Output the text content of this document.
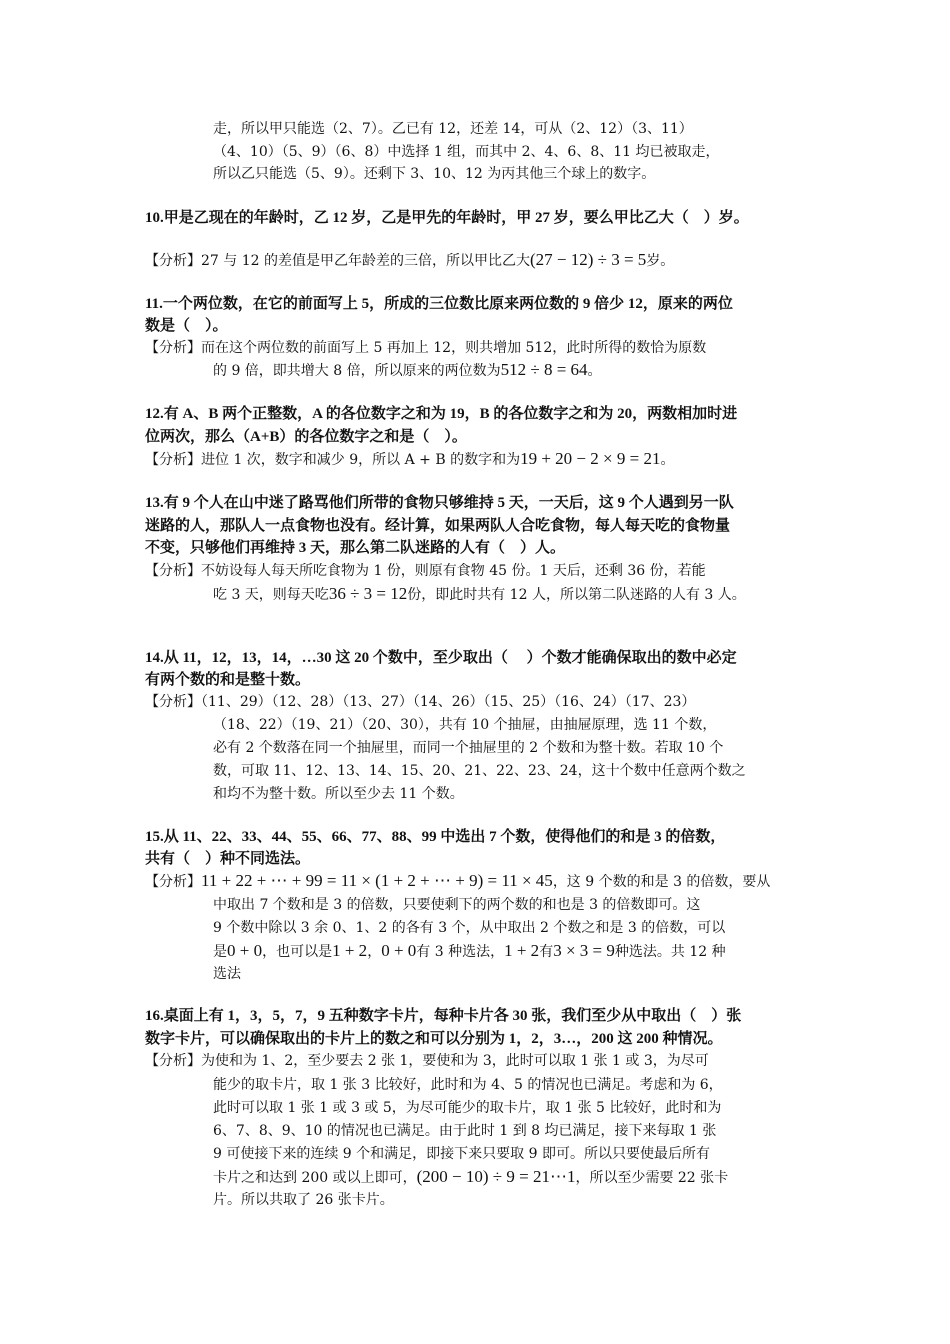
走，所以甲只能选（2、7）。乙已有 12，还差 14，可从（2、12）（3、11）
（4、10）（5、9）（6、8）中选择 1 组，而其中 2、4、6、8、11 均已被取走，
所以乙只能选（5、9）。还剩下 3、10、12 为丙其他三个球上的数字。
10.甲是乙现在的年龄时，乙 12 岁，乙是甲先的年龄时，甲 27 岁，要么甲比乙大（　）岁。
【分析】27 与 12 的差值是甲乙年龄差的三倍，所以甲比乙大(27 − 12) ÷ 3 = 5岁。
11.一个两位数，在它的前面写上 5，所成的三位数比原来两位数的 9 倍少 12，原来的两位
数是（　）。
【分析】而在这个两位数的前面写上 5 再加上 12，则共增加 512，此时所得的数恰为原数
的 9 倍，即共增大 8 倍，所以原来的两位数为512 ÷ 8 = 64。
12.有 A、B 两个正整数，A 的各位数字之和为 19，B 的各位数字之和为 20，两数相加时进
位两次，那么（A+B）的各位数字之和是（　）。
【分析】进位 1 次，数字和减少 9，所以 A + B 的数字和为19 + 20 − 2 × 9 = 21。
13.有 9 个人在山中迷了路骂他们所带的食物只够维持 5 天，一天后，这 9 个人遇到另一队
迷路的人，那队人一点食物也没有。经计算，如果两队人合吃食物，每人每天吃的食物量
不变，只够他们再维持 3 天，那么第二队迷路的人有（　）人。
【分析】不妨设每人每天所吃食物为 1 份，则原有食物 45 份。1 天后，还剩 36 份，若能
吃 3 天，则每天吃36 ÷ 3 = 12份，即此时共有 12 人，所以第二队迷路的人有 3 人。
14.从 11，12，13，14，…30 这 20 个数中，至少取出（　 ）个数才能确保取出的数中必定
有两个数的和是整十数。
【分析】（11、29）（12、28）（13、27）（14、26）（15、25）（16、24）（17、23）
（18、22）（19、21）（20、30），共有 10 个抽屉，由抽屉原理，选 11 个数，
必有 2 个数落在同一个抽屉里，而同一个抽屉里的 2 个数和为整十数。若取 10 个
数，可取 11、12、13、14、15、20、21、22、23、24，这十个数中任意两个数之
和均不为整十数。所以至少去 11 个数。
15.从 11、22、33、44、55、66、77、88、99 中选出 7 个数，使得他们的和是 3 的倍数，
共有（　）种不同选法。
【分析】11 + 22 + ⋯ + 99 = 11 × (1 + 2 + ⋯ + 9) = 11 × 45，这 9 个数的和是 3 的倍数，要从
中取出 7 个数和是 3 的倍数，只要使剩下的两个数的和也是 3 的倍数即可。这
9 个数中除以 3 余 0、1、2 的各有 3 个，从中取出 2 个数之和是 3 的倍数，可以
是0 + 0，也可以是1 + 2，0 + 0有 3 种选法，1 + 2有3 × 3 = 9种选法。共 12 种
选法
16.桌面上有 1，3，5，7，9 五种数字卡片，每种卡片各 30 张，我们至少从中取出（　）张
数字卡片，可以确保取出的卡片上的数之和可以分别为 1，2，3…，200 这 200 种情况。
【分析】为使和为 1、2，至少要去 2 张 1，要使和为 3，此时可以取 1 张 1 或 3，为尽可
能少的取卡片，取 1 张 3 比较好，此时和为 4、5 的情况也已满足。考虑和为 6，
此时可以取 1 张 1 或 3 或 5，为尽可能少的取卡片，取 1 张 5 比较好，此时和为
6、7、8、9、10 的情况也已满足。由于此时 1 到 8 均已满足，接下来每取 1 张
9 可使接下来的连续 9 个和满足，即接下来只要取 9 即可。所以只要使最后所有
卡片之和达到 200 或以上即可，(200 − 10) ÷ 9 = 21⋯1，所以至少需要 22 张卡
片。所以共取了 26 张卡片。
